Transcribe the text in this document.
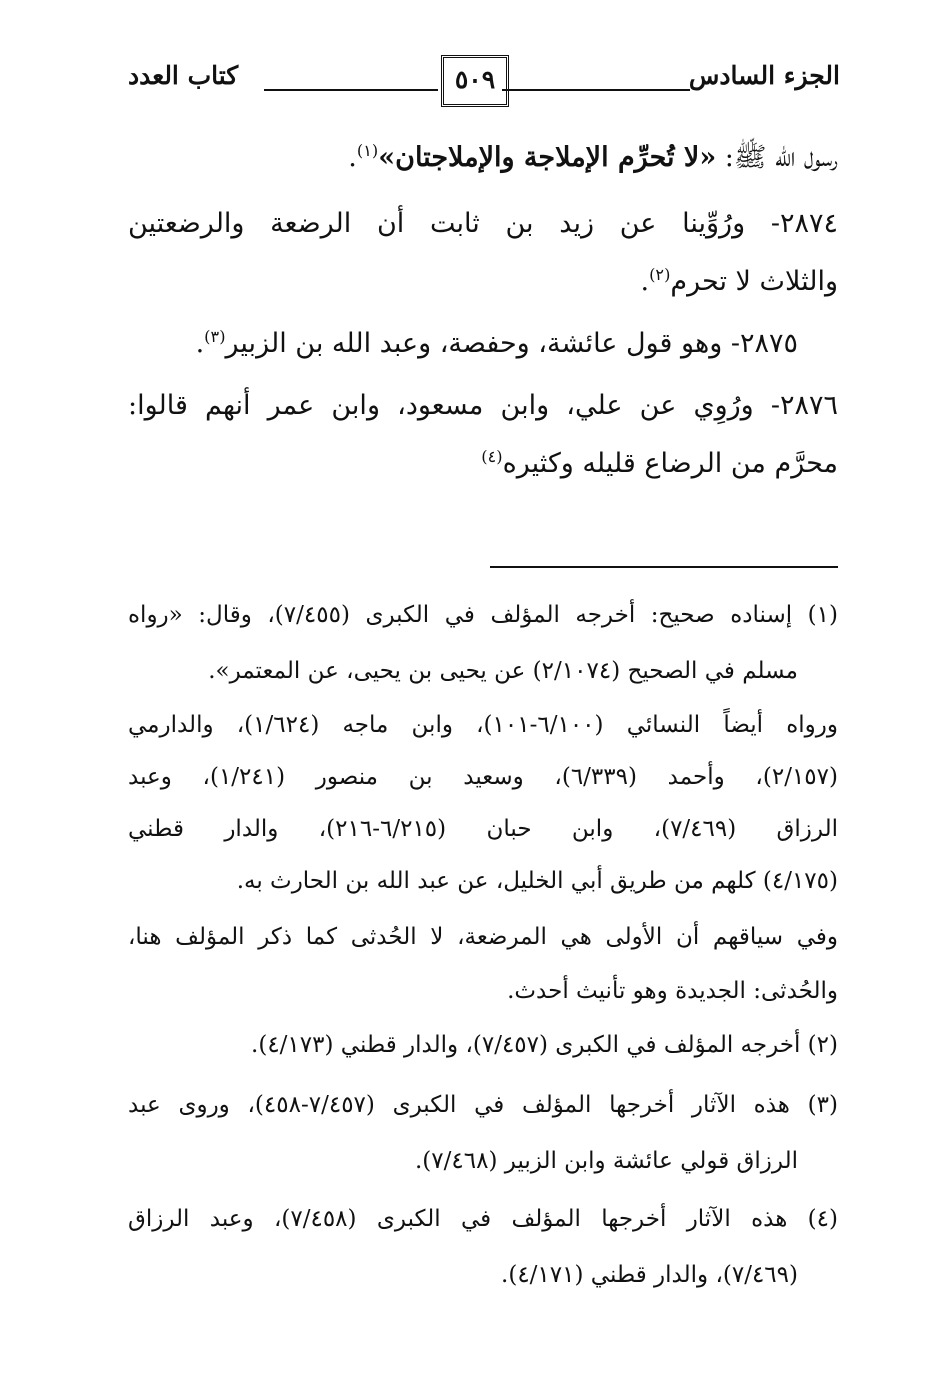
الجزء السادس
٥٠٩
كتاب العدد
رسول الله ﷺ: «لا تُحرِّم الإملاجة والإملاجتان»$^{(١)}$.
٢٨٧٤- ورُوِّينا عن زيد بن ثابت أن الرضعة والرضعتين
والثلاث لا تحرم$^{(٢)}$.
٢٨٧٥- وهو قول عائشة، وحفصة، وعبد الله بن الزبير$^{(٣)}$.
٢٨٧٦- ورُوِي عن علي، وابن مسعود، وابن عمر أنهم قالوا:
محرَّم من الرضاع قليله وكثيره$^{(٤)}$
(١) إسناده صحيح: أخرجه المؤلف في الكبرى (٧/٤٥٥)، وقال: «رواه
مسلم في الصحيح (٢/١٠٧٤) عن يحيى بن يحيى، عن المعتمر».
ورواه أيضاً النسائي (٦/١٠٠-١٠١)، وابن ماجه (١/٦٢٤)، والدارمي
(٢/١٥٧)، وأحمد (٦/٣٣٩)، وسعيد بن منصور (١/٢٤١)، وعبد
الرزاق (٧/٤٦٩)، وابن حبان (٦/٢١٥-٢١٦)، والدار قطني
(٤/١٧٥) كلهم من طريق أبي الخليل، عن عبد الله بن الحارث به.
وفي سياقهم أن الأولى هي المرضعة، لا الحُدثى كما ذكر المؤلف هنا،
والحُدثى: الجديدة وهو تأنيث أحدث.
(٢) أخرجه المؤلف في الكبرى (٧/٤٥٧)، والدار قطني (٤/١٧٣).
(٣) هذه الآثار أخرجها المؤلف في الكبرى (٧/٤٥٧-٤٥٨)، وروى عبد
الرزاق قولي عائشة وابن الزبير (٧/٤٦٨).
(٤) هذه الآثار أخرجها المؤلف في الكبرى (٧/٤٥٨)، وعبد الرزاق
(٧/٤٦٩)، والدار قطني (٤/١٧١).
